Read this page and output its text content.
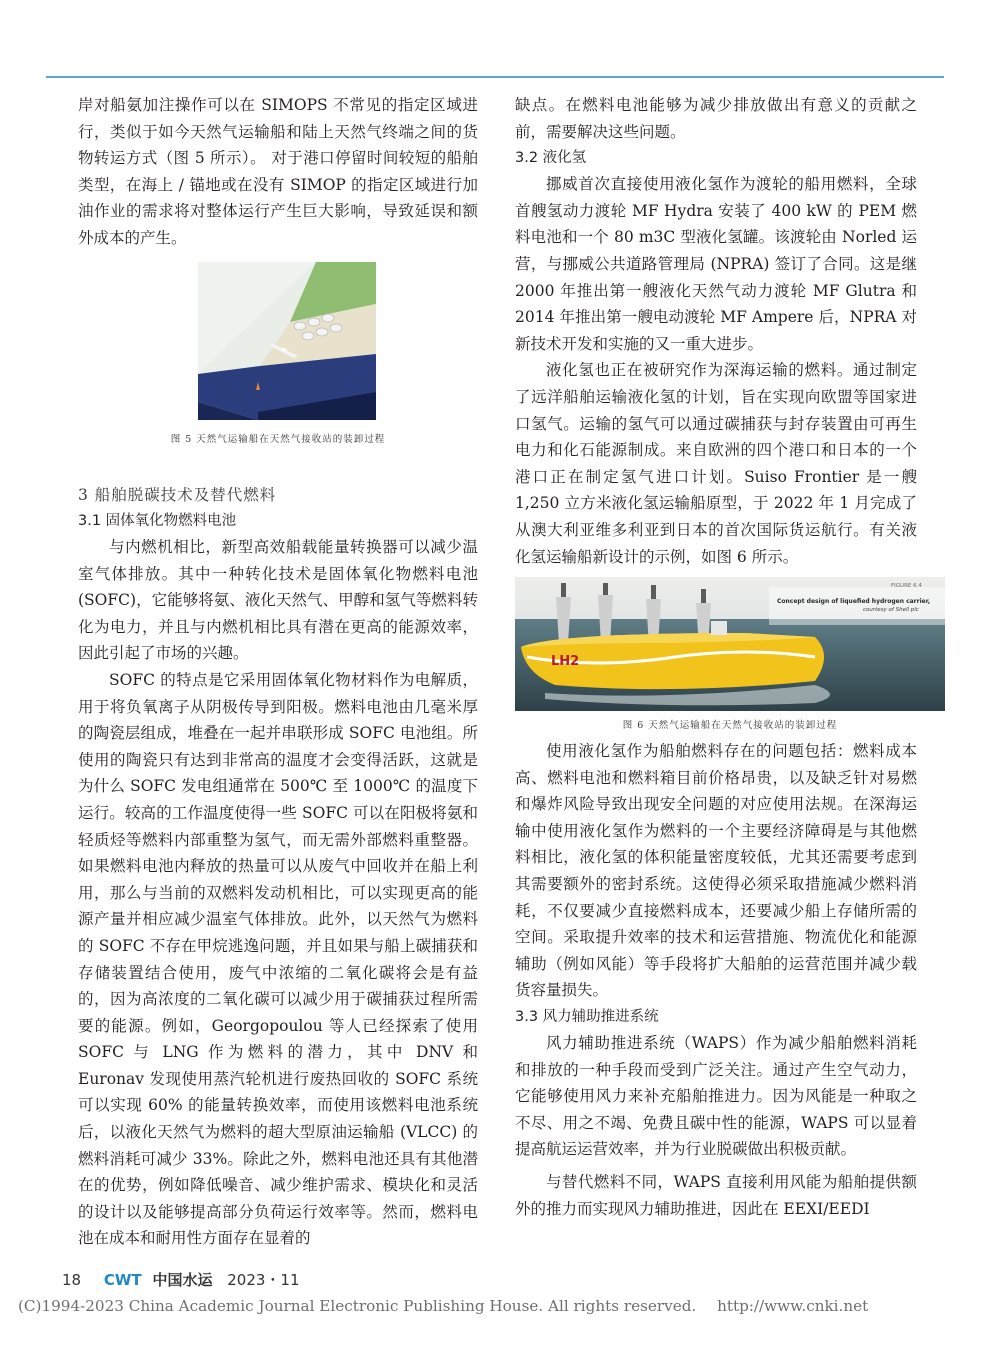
岸对船氨加注操作可以在 SIMOPS 不常见的指定区域进行，类似于如今天然气运输船和陆上天然气终端之间的货物转运方式（图 5 所示）。 对于港口停留时间较短的船舶类型，在海上 / 锚地或在没有 SIMOP 的指定区域进行加油作业的需求将对整体运行产生巨大影响，导致延误和额外成本的产生。

图 5 天然气运输船在天然气接收站的装卸过程
3 船舶脱碳技术及替代燃料
3.1 固体氧化物燃料电池

与内燃机相比，新型高效船载能量转换器可以减少温室气体排放。其中一种转化技术是固体氧化物燃料电池 (SOFC)，它能够将氨、液化天然气、甲醇和氢气等燃料转化为电力，并且与内燃机相比具有潜在更高的能源效率，因此引起了市场的兴趣。

SOFC 的特点是它采用固体氧化物材料作为电解质，用于将负氧离子从阴极传导到阳极。燃料电池由几毫米厚的陶瓷层组成，堆叠在一起并串联形成 SOFC 电池组。所使用的陶瓷只有达到非常高的温度才会变得活跃，这就是为什么 SOFC 发电组通常在 500℃ 至 1000℃ 的温度下运行。较高的工作温度使得一些 SOFC 可以在阳极将氨和轻质烃等燃料内部重整为氢气，而无需外部燃料重整器。如果燃料电池内释放的热量可以从废气中回收并在船上利用，那么与当前的双燃料发动机相比，可以实现更高的能源产量并相应减少温室气体排放。此外，以天然气为燃料的 SOFC 不存在甲烷逃逸问题，并且如果与船上碳捕获和存储装置结合使用，废气中浓缩的二氧化碳将会是有益的，因为高浓度的二氧化碳可以减少用于碳捕获过程所需要的能源。例如，Georgopoulou 等人已经探索了使用 SOFC 与 LNG 作为燃料的潜力，其中 DNV 和 Euronav 发现使用蒸汽轮机进行废热回收的 SOFC 系统可以实现 60% 的能量转换效率，而使用该燃料电池系统后，以液化天然气为燃料的超大型原油运输船 (VLCC) 的燃料消耗可减少 33%。除此之外，燃料电池还具有其他潜在的优势，例如降低噪音、减少维护需求、模块化和灵活的设计以及能够提高部分负荷运行效率等。然而，燃料电池在成本和耐用性方面存在显着的

缺点。在燃料电池能够为减少排放做出有意义的贡献之前，需要解决这些问题。

3.2 液化氢

挪威首次直接使用液化氢作为渡轮的船用燃料，全球首艘氢动力渡轮 MF Hydra 安装了 400 kW 的 PEM 燃料电池和一个 80 m3C 型液化氢罐。该渡轮由 Norled 运营，与挪威公共道路管理局 (NPRA) 签订了合同。这是继 2000 年推出第一艘液化天然气动力渡轮 MF Glutra 和 2014 年推出第一艘电动渡轮 MF Ampere 后，NPRA 对新技术开发和实施的又一重大进步。

液化氢也正在被研究作为深海运输的燃料。通过制定了远洋船舶运输液化氢的计划，旨在实现向欧盟等国家进口氢气。运输的氢气可以通过碳捕获与封存装置由可再生电力和化石能源制成。来自欧洲的四个港口和日本的一个港口正在制定氢气进口计划。Suiso Frontier 是一艘 1,250 立方米液化氢运输船原型，于 2022 年 1 月完成了从澳大利亚维多利亚到日本的首次国际货运航行。有关液化氢运输船新设计的示例，如图 6 所示。

LH2
FIGURE 6.4
Concept design of liquefied hydrogen carrier,
courtesy of Shell plc
图 6 天然气运输船在天然气接收站的装卸过程

使用液化氢作为船舶燃料存在的问题包括：燃料成本高、燃料电池和燃料箱目前价格昂贵，以及缺乏针对易燃和爆炸风险导致出现安全问题的对应使用法规。在深海运输中使用液化氢作为燃料的一个主要经济障碍是与其他燃料相比，液化氢的体积能量密度较低，尤其还需要考虑到其需要额外的密封系统。这使得必须采取措施减少燃料消耗，不仅要减少直接燃料成本，还要减少船上存储所需的空间。采取提升效率的技术和运营措施、物流优化和能源辅助（例如风能）等手段将扩大船舶的运营范围并减少载货容量损失。

3.3 风力辅助推进系统

风力辅助推进系统（WAPS）作为减少船舶燃料消耗和排放的一种手段而受到广泛关注。通过产生空气动力，它能够使用风力来补充船舶推进力。因为风能是一种取之不尽、用之不竭、免费且碳中性的能源，WAPS 可以显着提高航运运营效率，并为行业脱碳做出积极贡献。

与替代燃料不同，WAPS 直接利用风能为船舶提供额外的推力而实现风力辅助推进，因此在 EEXI/EEDI

18 CWT 中国水运 2023・11
(C)1994-2023 China Academic Journal Electronic Publishing House. All rights reserved. http://www.cnki.net
